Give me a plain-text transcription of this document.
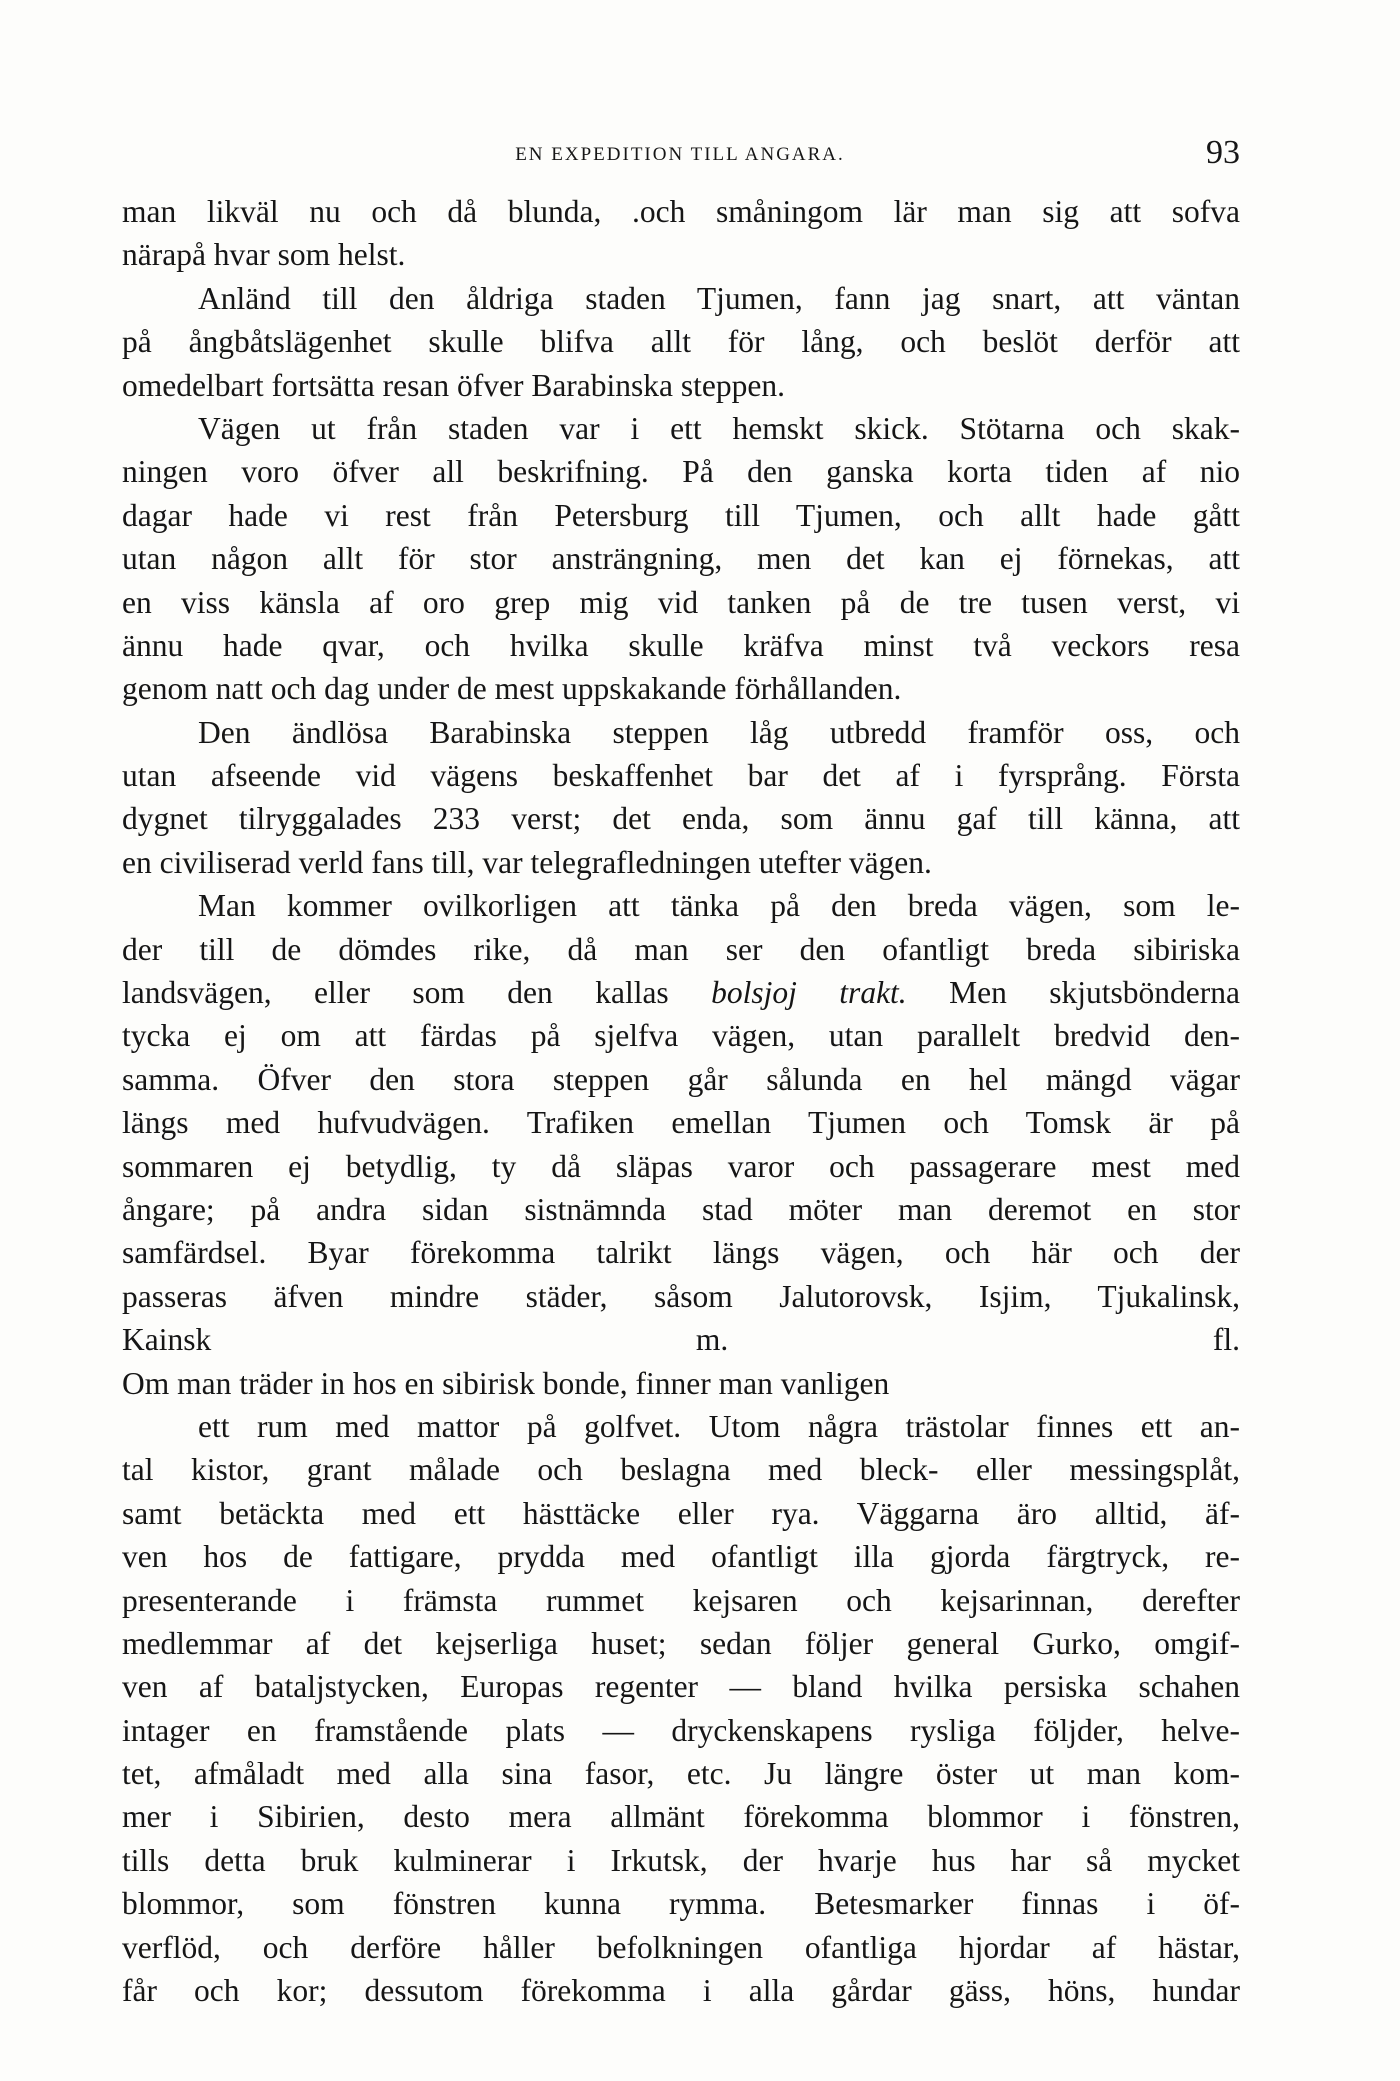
EN EXPEDITION TILL ANGARA.	93
man likväl nu och då blunda, .och småningom lär man sig att sofva
närapå hvar som helst.
Anländ till den åldriga staden Tjumen, fann jag snart, att väntan
på ångbåtslägenhet skulle blifva allt för lång, och beslöt derför att
omedelbart fortsätta resan öfver Barabinska steppen.
Vägen ut från staden var i ett hemskt skick. Stötarna och skak-
ningen voro öfver all beskrifning. På den ganska korta tiden af nio
dagar hade vi rest från Petersburg till Tjumen, och allt hade gått
utan någon allt för stor ansträngning, men det kan ej förnekas, att
en viss känsla af oro grep mig vid tanken på de tre tusen verst, vi
ännu hade qvar, och hvilka skulle kräfva minst två veckors resa
genom natt och dag under de mest uppskakande förhållanden.
Den ändlösa Barabinska steppen låg utbredd framför oss, och
utan afseende vid vägens beskaffenhet bar det af i fyrsprång. Första
dygnet tilryggalades 233 verst; det enda, som ännu gaf till känna, att
en civiliserad verld fans till, var telegrafledningen utefter vägen.
Man kommer ovilkorligen att tänka på den breda vägen, som le-
der till de dömdes rike, då man ser den ofantligt breda sibiriska
landsvägen, eller som den kallas bolsjoj trakt. Men skjutsbönderna
tycka ej om att färdas på sjelfva vägen, utan parallelt bredvid den-
samma. Öfver den stora steppen går sålunda en hel mängd vägar
längs med hufvudvägen. Trafiken emellan Tjumen och Tomsk är på
sommaren ej betydlig, ty då släpas varor och passagerare mest med
ångare; på andra sidan sistnämnda stad möter man deremot en stor
samfärdsel. Byar förekomma talrikt längs vägen, och här och der
passeras äfven mindre städer, såsom Jalutorovsk, Isjim, Tjukalinsk,
Kainsk m. fl.
Om man träder in hos en sibirisk bonde, finner man vanligen
ett rum med mattor på golfvet. Utom några trästolar finnes ett an-
tal kistor, grant målade och beslagna med bleck- eller messingsplåt,
samt betäckta med ett hästtäcke eller rya. Väggarna äro alltid, äf-
ven hos de fattigare, prydda med ofantligt illa gjorda färgtryck, re-
presenterande i främsta rummet kejsaren och kejsarinnan, derefter
medlemmar af det kejserliga huset; sedan följer general Gurko, omgif-
ven af bataljstycken, Europas regenter — bland hvilka persiska schahen
intager en framstående plats — dryckenskapens rysliga följder, helve-
tet, afmåladt med alla sina fasor, etc. Ju längre öster ut man kom-
mer i Sibirien, desto mera allmänt förekomma blommor i fönstren,
tills detta bruk kulminerar i Irkutsk, der hvarje hus har så mycket
blommor, som fönstren kunna rymma. Betesmarker finnas i öf-
verflöd, och derföre håller befolkningen ofantliga hjordar af hästar,
får och kor; dessutom förekomma i alla gårdar gäss, höns, hundar
